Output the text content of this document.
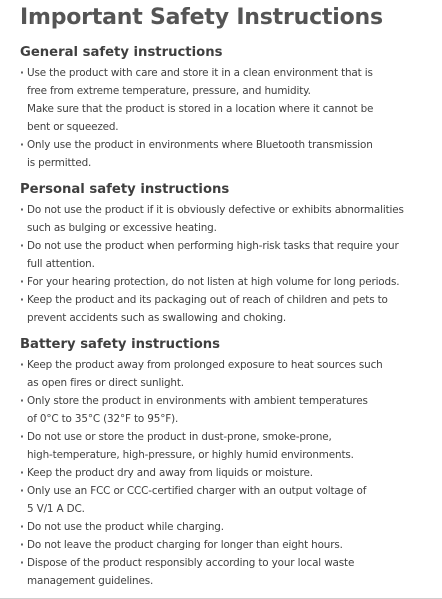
Important Safety Instructions
General safety instructions
· Use the product with care and store it in a clean environment that is
free from extreme temperature, pressure, and humidity.
Make sure that the product is stored in a location where it cannot be
bent or squeezed.
· Only use the product in environments where Bluetooth transmission
is permitted.
Personal safety instructions
· Do not use the product if it is obviously defective or exhibits abnormalities
such as bulging or excessive heating.
· Do not use the product when performing high-risk tasks that require your
full attention.
· For your hearing protection, do not listen at high volume for long periods.
· Keep the product and its packaging out of reach of children and pets to
prevent accidents such as swallowing and choking.
Battery safety instructions
· Keep the product away from prolonged exposure to heat sources such
as open fires or direct sunlight.
· Only store the product in environments with ambient temperatures
of 0°C to 35°C (32°F to 95°F).
· Do not use or store the product in dust-prone, smoke-prone,
high-temperature, high-pressure, or highly humid environments.
· Keep the product dry and away from liquids or moisture.
· Only use an FCC or CCC-certified charger with an output voltage of
5 V/1 A DC.
· Do not use the product while charging.
· Do not leave the product charging for longer than eight hours.
· Dispose of the product responsibly according to your local waste
management guidelines.
